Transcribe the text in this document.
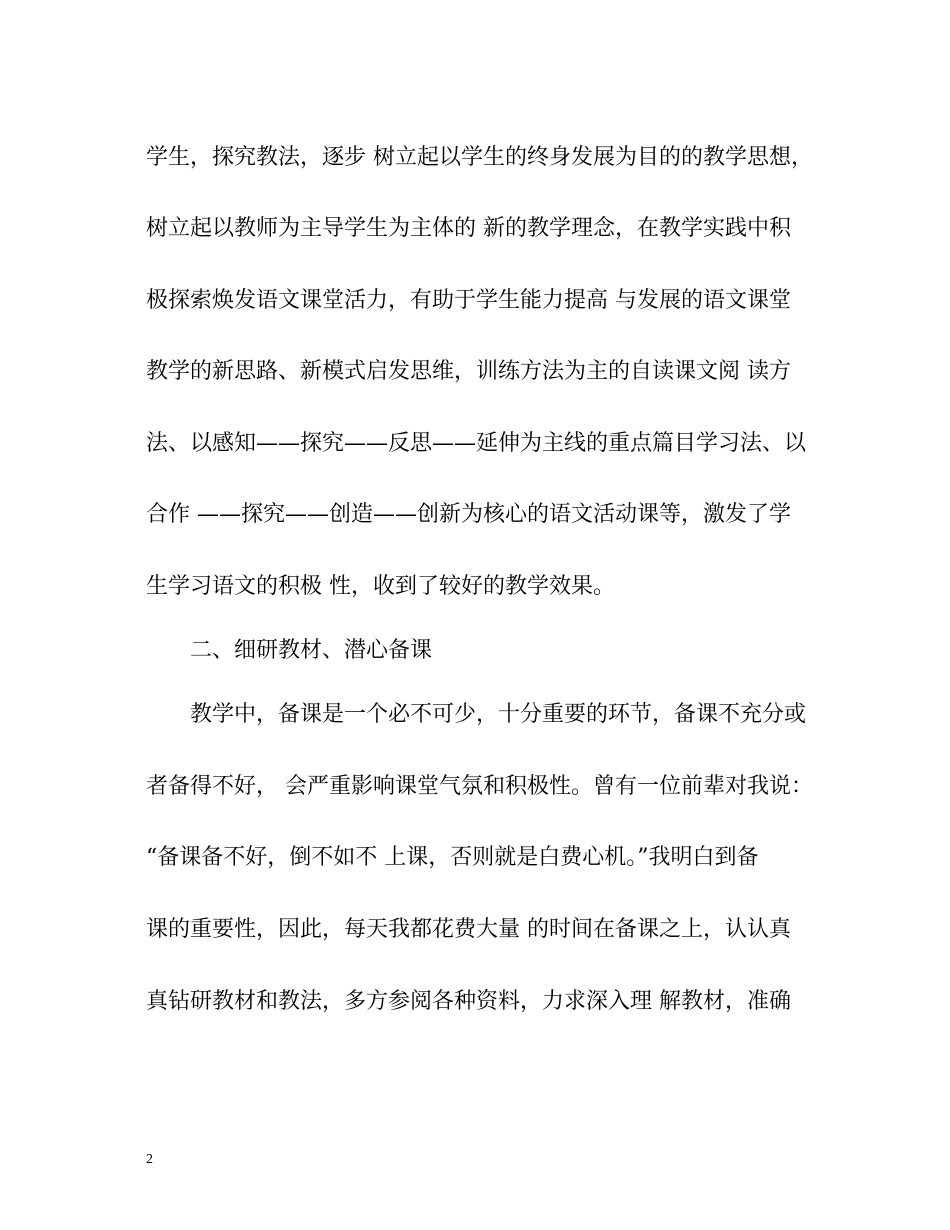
学生，探究教法，逐步 树立起以学生的终身发展为目的的教学思想，
树立起以教师为主导学生为主体的 新的教学理念，在教学实践中积
极探索焕发语文课堂活力，有助于学生能力提高 与发展的语文课堂
教学的新思路、新模式启发思维，训练方法为主的自读课文阅 读方
法、以感知——探究——反思——延伸为主线的重点篇目学习法、以
合作 ——探究——创造——创新为核心的语文活动课等，激发了学
生学习语文的积极 性，收到了较好的教学效果。
二、细研教材、潜心备课
教学中，备课是一个必不可少，十分重要的环节，备课不充分或
者备得不好， 会严重影响课堂气氛和积极性。曾有一位前辈对我说：
“备课备不好，倒不如不 上课，否则就是白费心机。”我明白到备
课的重要性，因此，每天我都花费大量 的时间在备课之上，认认真
真钻研教材和教法，多方参阅各种资料，力求深入理 解教材，准确
2
